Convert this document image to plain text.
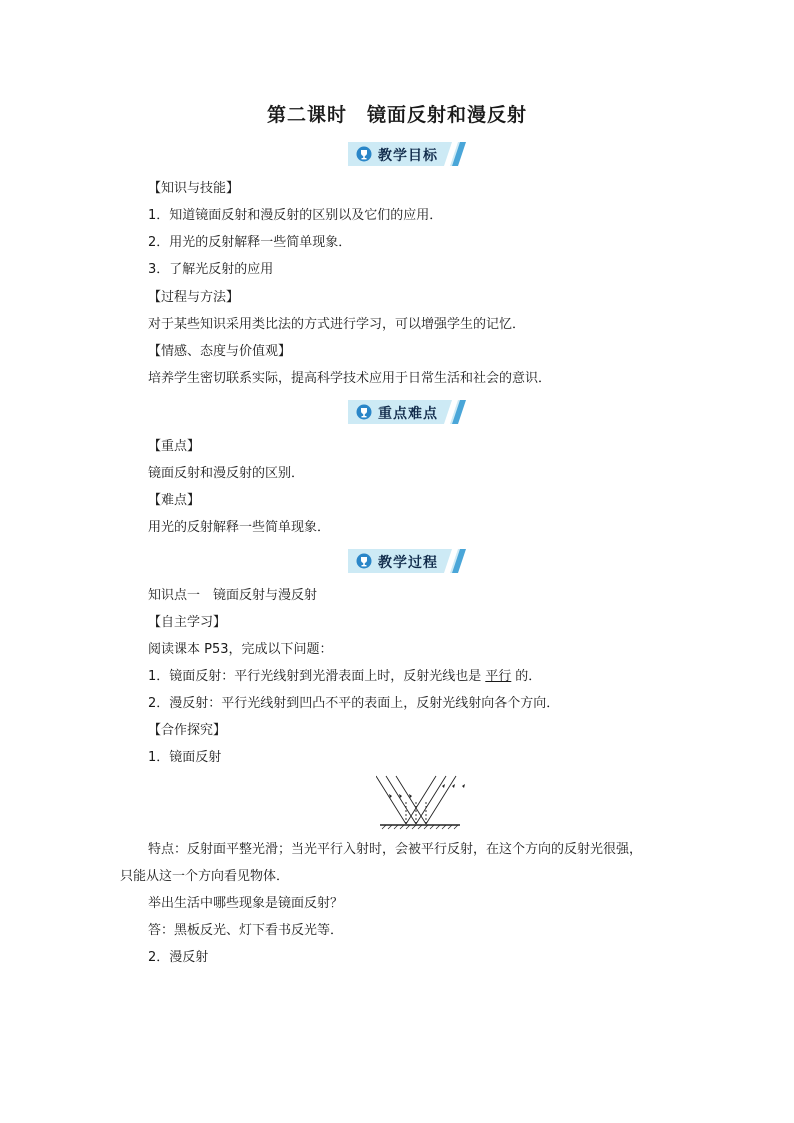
第二课时　镜面反射和漫反射
教学目标
【知识与技能】
1．知道镜面反射和漫反射的区别以及它们的应用．
2．用光的反射解释一些简单现象．
3．了解光反射的应用
【过程与方法】
对于某些知识采用类比法的方式进行学习，可以增强学生的记忆．
【情感、态度与价值观】
培养学生密切联系实际，提高科学技术应用于日常生活和社会的意识．
重点难点
【重点】
镜面反射和漫反射的区别．
【难点】
用光的反射解释一些简单现象．
教学过程
知识点一　镜面反射与漫反射
【自主学习】
阅读课本 P53，完成以下问题：
1．镜面反射：平行光线射到光滑表面上时，反射光线也是 平行 的．
2．漫反射：平行光线射到凹凸不平的表面上，反射光线射向各个方向．
【合作探究】
1．镜面反射
特点：反射面平整光滑；当光平行入射时，会被平行反射，在这个方向的反射光很强，
只能从这一个方向看见物体．
举出生活中哪些现象是镜面反射？
答：黑板反光、灯下看书反光等．
2．漫反射
